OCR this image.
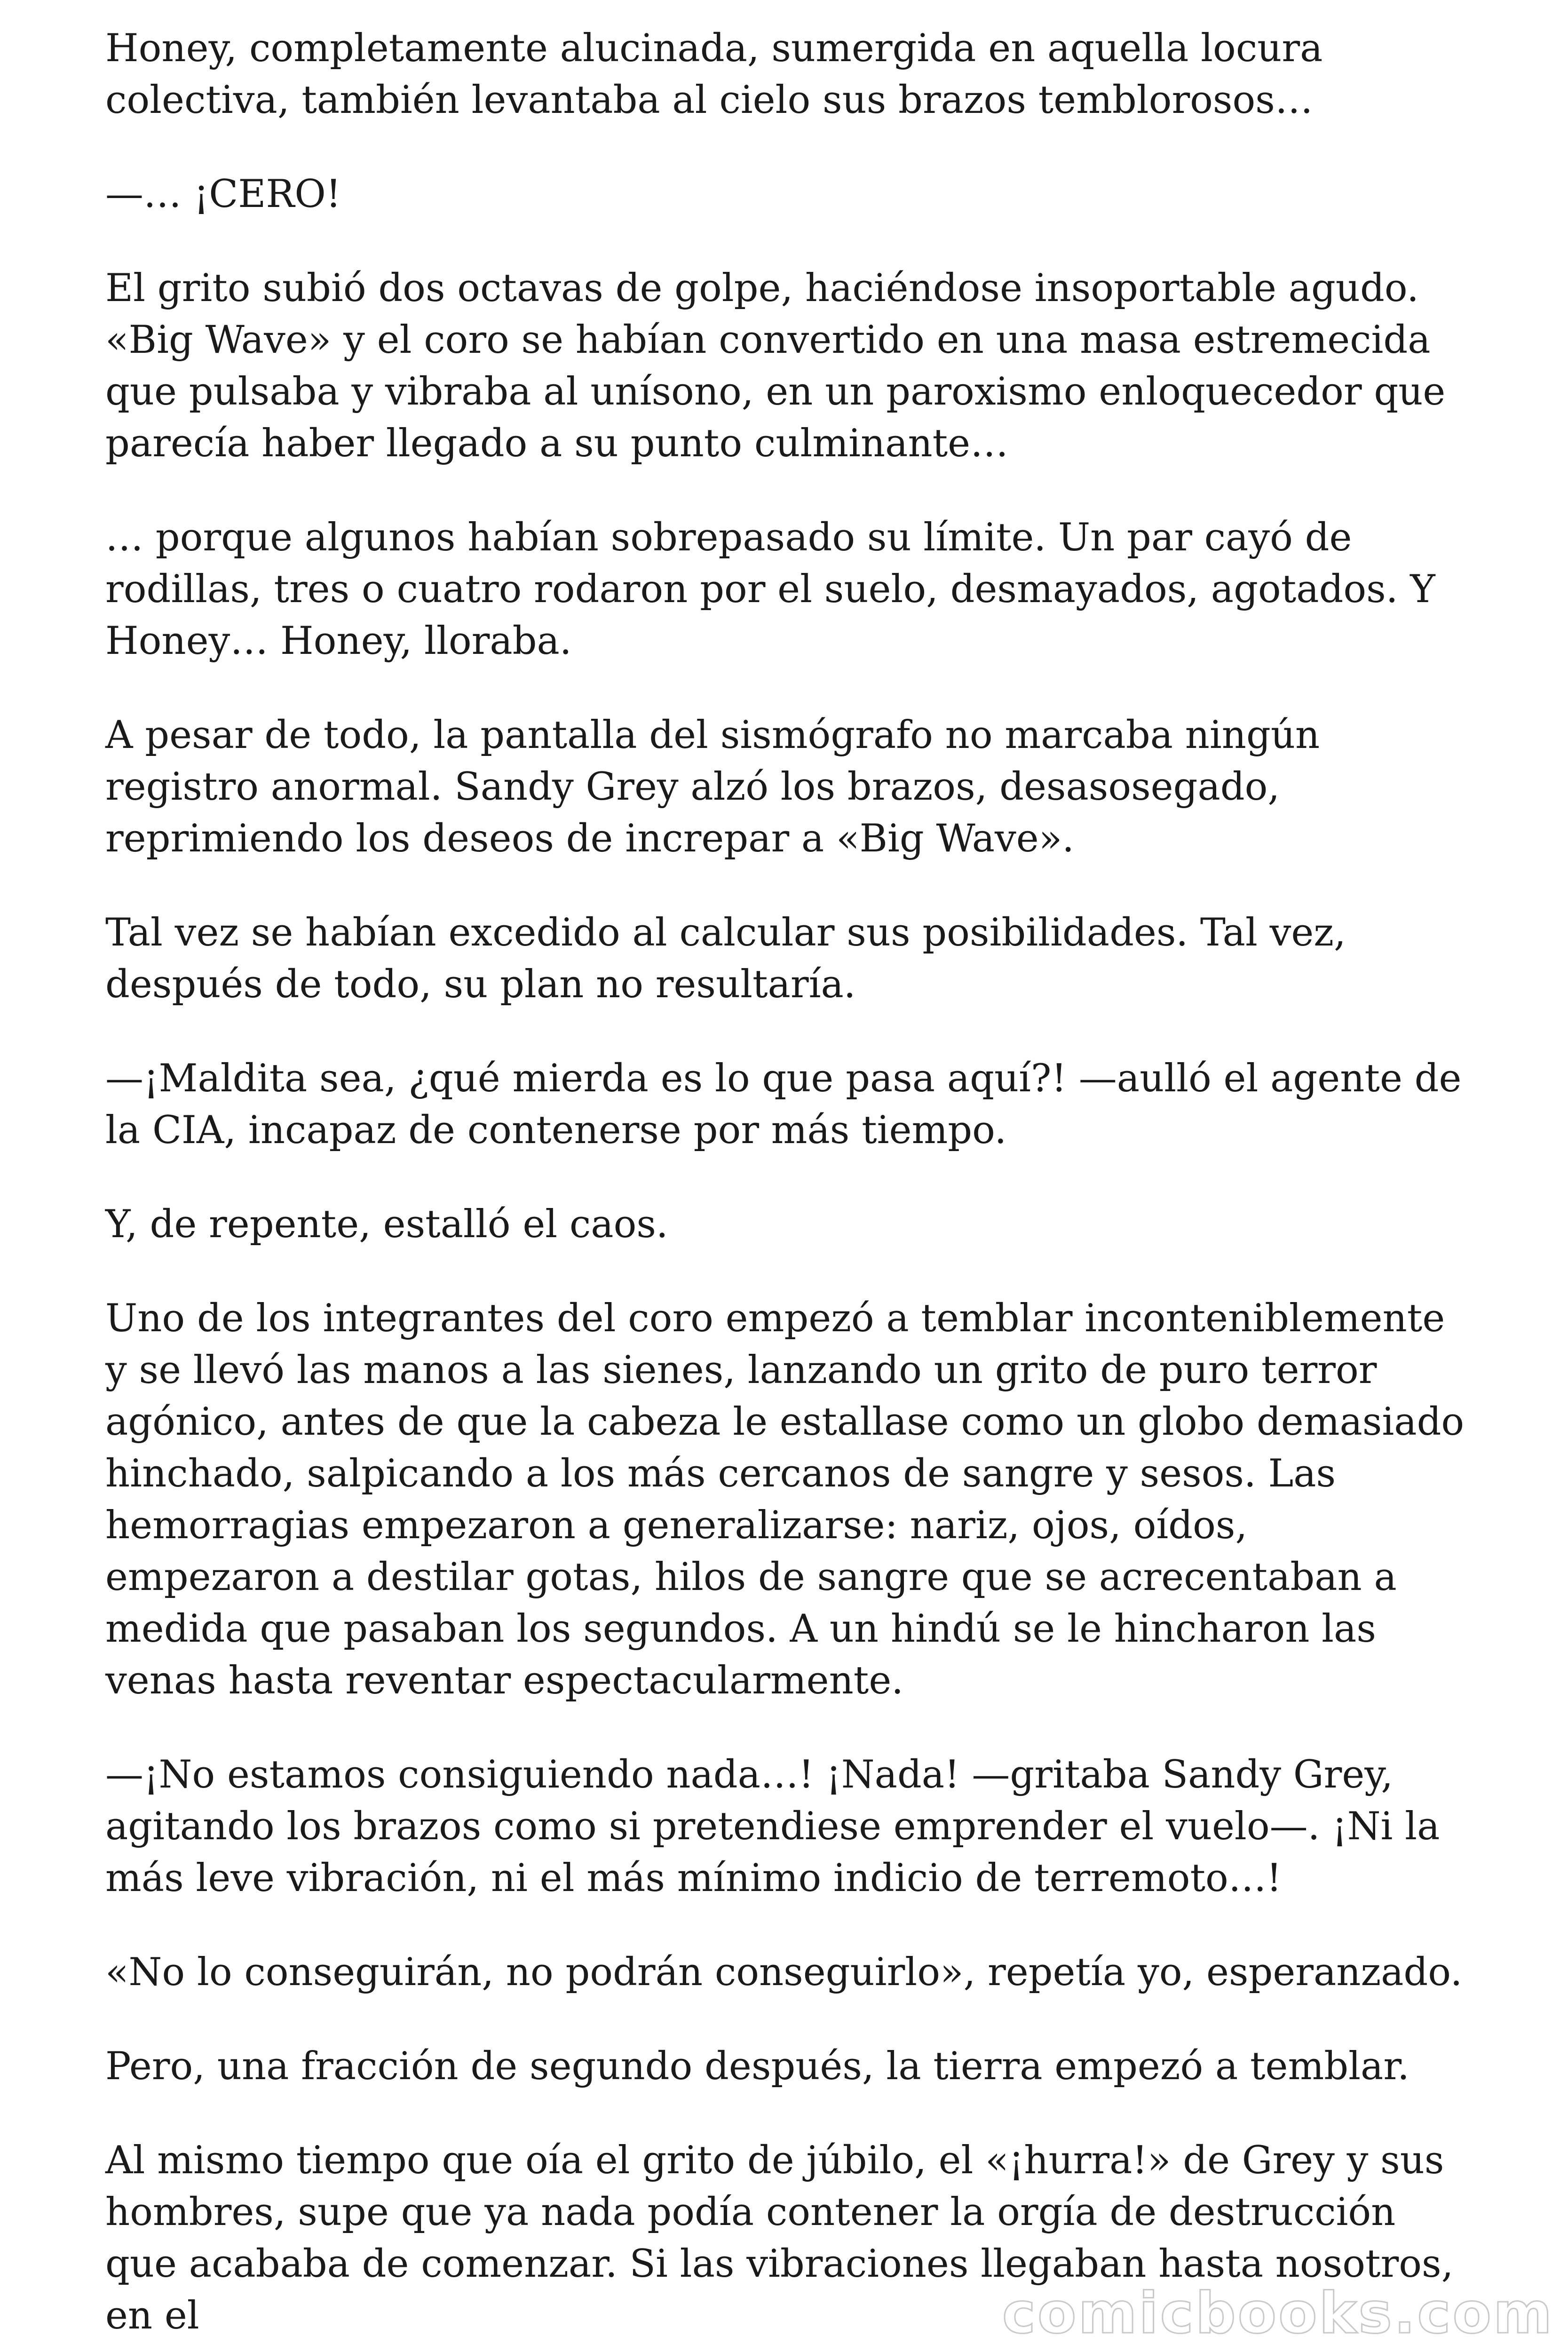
Honey, completamente alucinada, sumergida en aquella locura colectiva, también levantaba al cielo sus brazos temblorosos…

—… ¡CERO!

El grito subió dos octavas de golpe, haciéndose insoportable agudo. «Big Wave» y el coro se habían convertido en una masa estremecida que pulsaba y vibraba al unísono, en un paroxismo enloquecedor que parecía haber llegado a su punto culminante…

… porque algunos habían sobrepasado su límite. Un par cayó de rodillas, tres o cuatro rodaron por el suelo, desmayados, agotados. Y Honey… Honey, lloraba.

A pesar de todo, la pantalla del sismógrafo no marcaba ningún registro anormal. Sandy Grey alzó los brazos, desasosegado, reprimiendo los deseos de increpar a «Big Wave».

Tal vez se habían excedido al calcular sus posibilidades. Tal vez, después de todo, su plan no resultaría.

—¡Maldita sea, ¿qué mierda es lo que pasa aquí?! —aulló el agente de la CIA, incapaz de contenerse por más tiempo.

Y, de repente, estalló el caos.

Uno de los integrantes del coro empezó a temblar inconteniblemente y se llevó las manos a las sienes, lanzando un grito de puro terror agónico, antes de que la cabeza le estallase como un globo demasiado hinchado, salpicando a los más cercanos de sangre y sesos. Las hemorragias empezaron a generalizarse: nariz, ojos, oídos, empezaron a destilar gotas, hilos de sangre que se acrecentaban a medida que pasaban los segundos. A un hindú se le hincharon las venas hasta reventar espectacularmente.

—¡No estamos consiguiendo nada…! ¡Nada! —gritaba Sandy Grey, agitando los brazos como si pretendiese emprender el vuelo—. ¡Ni la más leve vibración, ni el más mínimo indicio de terremoto…!

«No lo conseguirán, no podrán conseguirlo», repetía yo, esperanzado.

Pero, una fracción de segundo después, la tierra empezó a temblar.

Al mismo tiempo que oía el grito de júbilo, el «¡hurra!» de Grey y sus hombres, supe que ya nada podía contener la orgía de destrucción que acababa de comenzar. Si las vibraciones llegaban hasta nosotros, en el	comicbooks.com
